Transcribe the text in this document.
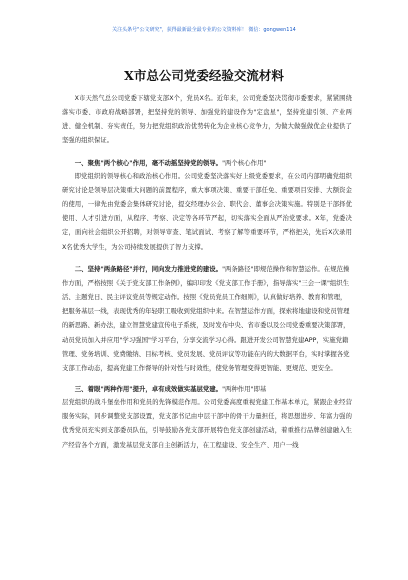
关注头条号"公文研究"，获得最新最全最专业的公文资料库！ 微信：gongwen114
X市总公司党委经验交流材料

X市天然气总公司党委下辖党支部X个，党员X名。近年来，公司党委坚决贯彻市委要求，紧紧围绕落实市委、市政府战略部署，把坚持党的领导、加强党的建设作为"定盘星"，坚持党建引领、产业两进、健全机制、夯实责任，努力把党组织政治优势转化为企业核心竞争力，为做大做强做优企业提供了坚强的组织保证。

一、聚焦"两个核心"作用，毫不动摇坚持党的领导。"两个核心作用"

即党组织的领导核心和政治核心作用。公司党委坚决落实好上级党委要求，在公司内部明确党组织研究讨论是领导层决策重大问题的前置程序，重大事项决策、重要干部任免、重要项目安排、大额资金的使用，一律先由党委会集体研究讨论，提交经理办公会、职代会、董事会决策实施。特别是干部择优使用、人才引进方面，从程序、考察、决定等各环节严起，切实落实全面从严治党要求。X年，党委决定，面向社会组织公开招聘，对领导审查、笔试面试、考察了解等重要环节，严格把关，先后X次录用X名优秀大学生，为公司持续发展提供了智力支撑。

二、坚持"两条路径"并行，同向发力推进党的建设。"两条路径"即规范操作和智慧运作。在规范操作方面，严格按照《关于党支部工作条例》，编印印发《党支部工作手册》，指导落实"三会一课"组织生活、主题党日、民主评议党员等规定动作。按照《党员党员工作细则》，认真做好培养、教育和管理，把服务基层一线，表现优秀的年轻职工吸收到党组织中来。在智慧运作方面，探索将地建设和党员管理的新思路、新办法，建立智慧党建宣传电子系统，及时发布中央、省市委以及公司党委重要决策部署，动员党员加入并应用"学习强国"学习平台，分享交流学习心得。跟进开发公司智慧党建APP，实施党籍管理、党务培训、党费缴纳、目标考核、党员发展、党员评议等功能在内的大数据平台，实时掌握各党支部工作动态，提高党建工作督导的针对性与时效性，使党务管理变得更智能、更规范、更安全。

三、着眼"两种作用"提升，卓有成效做实基层党建。"两种作用"即基

层党组织的战斗堡垒作用和党员的先锋模范作用。公司党委高度重视党建工作基本单元，紧跟企业经营服务实际，同步调整党支部设置，党支部书记由中层干部中的骨干力量担任，将思想进步、年富力强的优秀党员充实到支部委员队伍，引导鼓励各党支部开展特色党支部创建活动，着重推行品牌创建融入生产经营各个方面，激发基层党支部自主创新活力，在工程建设、安全生产、用户一线
